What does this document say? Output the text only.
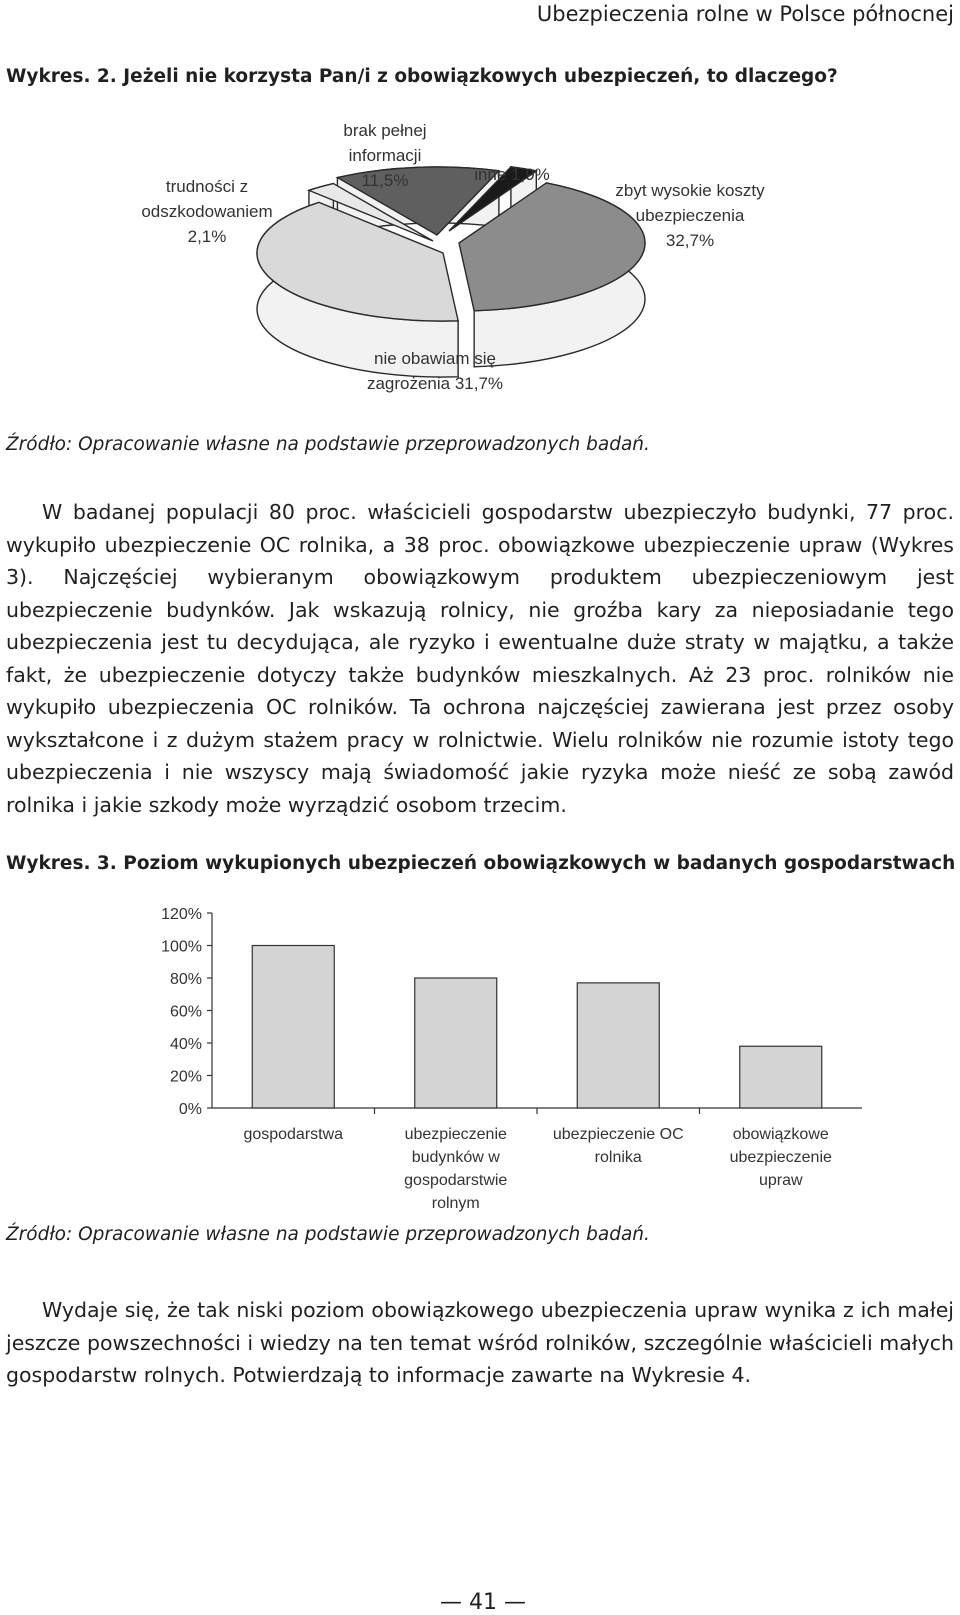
Ubezpieczenia rolne w Polsce północnej
Wykres. 2. Jeżeli nie korzysta Pan/i z obowiązkowych ubezpieczeń, to dlaczego?
trudności z
odszkodowaniem
2,1%
brak pełnej
informacji
11,5%	inne 1,9%
zbyt wysokie koszty
ubezpieczenia
32,7%
nie obawiam się
zagrożenia 31,7%
Źródło: Opracowanie własne na podstawie przeprowadzonych badań.

W badanej populacji 80 proc. właścicieli gospodarstw ubezpieczyło budynki, 77 proc. wykupiło ubezpieczenie OC rolnika, a 38 proc. obowiązkowe ubezpieczenie upraw (Wykres 3). Najczęściej wybieranym obowiązkowym produktem ubezpieczeniowym jest ubezpieczenie budynków. Jak wskazują rolnicy, nie groźba kary za nieposiadanie tego ubezpieczenia jest tu decydująca, ale ryzyko i ewentualne duże straty w majątku, a także fakt, że ubezpieczenie dotyczy także budynków mieszkalnych. Aż 23 proc. rolników nie wykupiło ubezpieczenia OC rolników. Ta ochrona najczęściej zawierana jest przez osoby wykształcone i z dużym stażem pracy w rolnictwie. Wielu rolników nie rozumie istoty tego ubezpieczenia i nie wszyscy mają świadomość jakie ryzyka może nieść ze sobą zawód rolnika i jakie szkody może wyrządzić osobom trzecim.

Wykres. 3. Poziom wykupionych ubezpieczeń obowiązkowych w badanych gospodarstwach
0%
20%
40%
60%
80%
100%
120%
gospodarstwa	ubezpieczenie budynków w gospodarstwie rolnym
ubezpieczenie OC rolnika
obowiązkowe ubezpieczenie upraw
Źródło: Opracowanie własne na podstawie przeprowadzonych badań.

Wydaje się, że tak niski poziom obowiązkowego ubezpieczenia upraw wynika z ich małej jeszcze powszechności i wiedzy na ten temat wśród rolników, szczególnie właścicieli małych gospodarstw rolnych. Potwierdzają to informacje zawarte na Wykresie 4.

— 41 —
